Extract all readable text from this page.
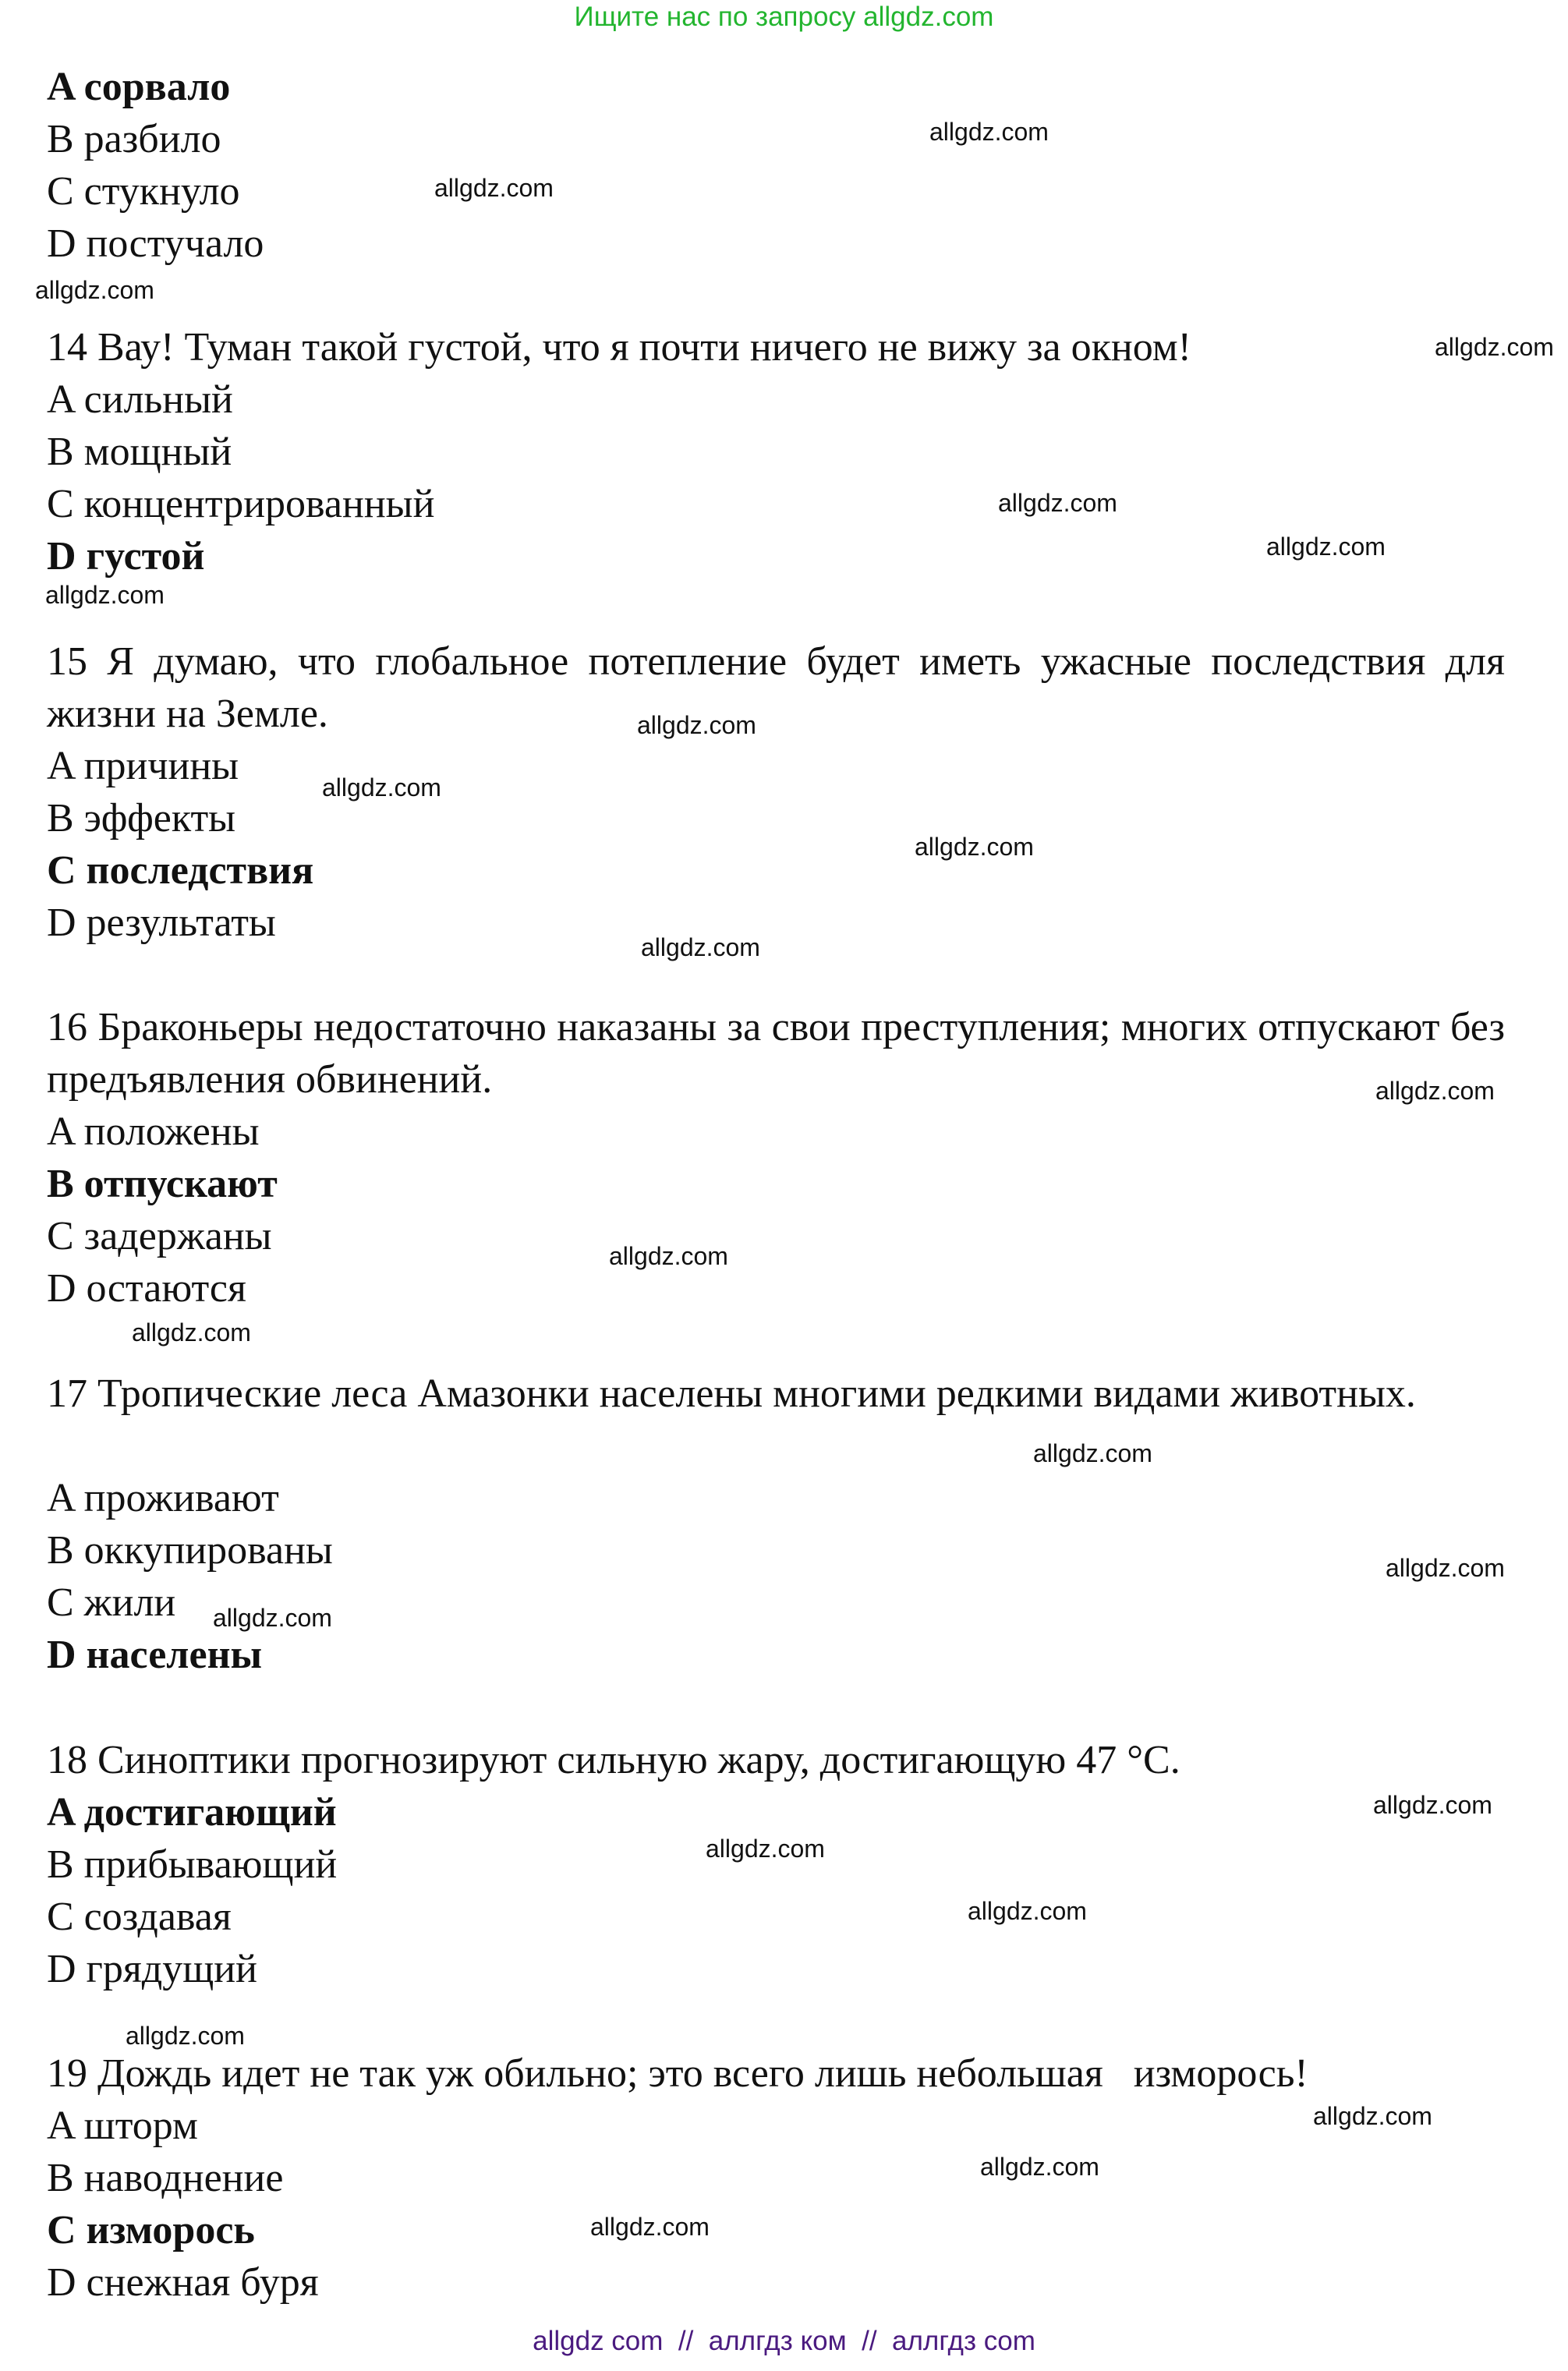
Ищите нас по запросу allgdz.com
A сорвало
B разбило
C стукнуло
D постучало
14 Вау! Туман такой густой, что я почти ничего не вижу за окном!
A сильный
B мощный
C концентрированный
D густой
15 Я думаю, что глобальное потепление будет иметь ужасные последствия для жизни на Земле.
A причины
B эффекты
C последствия
D результаты
16 Браконьеры недостаточно наказаны за свои преступления; многих отпускают без предъявления обвинений.
A положены
B отпускают
C задержаны
D остаются
17 Тропические леса Амазонки населены многими редкими видами животных.
A проживают
B оккупированы
C жили
D населены
18 Синоптики прогнозируют сильную жару, достигающую 47 °C.
A достигающий
B прибывающий
C создавая
D грядущий
19 Дождь идет не так уж обильно; это всего лишь небольшая   изморось!
A шторм
B наводнение
C изморось
D снежная буря
allgdz.com
allgdz.com
allgdz.com
allgdz.com
allgdz.com
allgdz.com
allgdz.com
allgdz.com
allgdz.com
allgdz.com
allgdz.com
allgdz.com
allgdz.com
allgdz.com
allgdz.com
allgdz.com
allgdz.com
allgdz.com
allgdz.com
allgdz.com
allgdz.com
allgdz.com
allgdz.com
allgdz.com
allgdz com  //  аллгдз ком  //  аллгдз com
